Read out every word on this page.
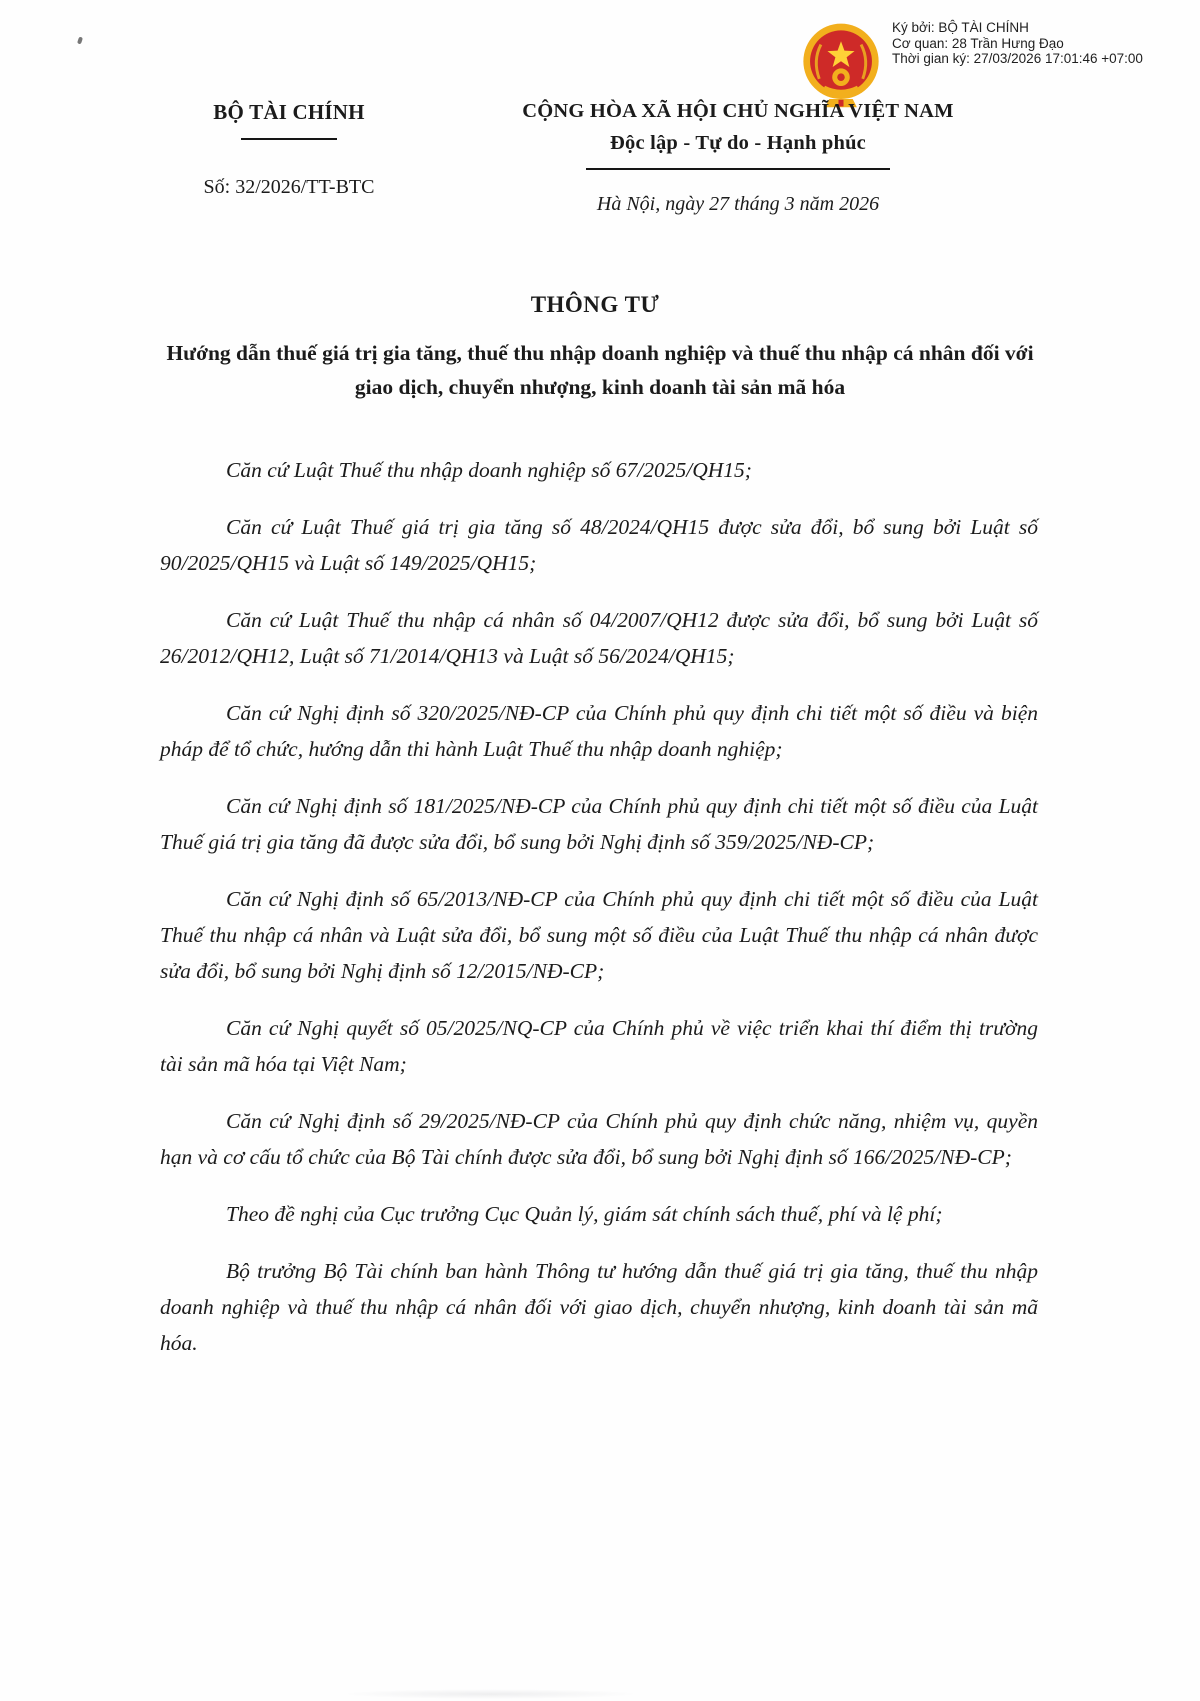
Ký bởi: BỘ TÀI CHÍNH
Cơ quan: 28 Trần Hưng Đạo
Thời gian ký: 27/03/2026 17:01:46 +07:00
BỘ TÀI CHÍNH
Số: 32/2026/TT-BTC
CỘNG HÒA XÃ HỘI CHỦ NGHĨA VIỆT NAM
Độc lập - Tự do - Hạnh phúc
Hà Nội, ngày 27 tháng 3 năm 2026
THÔNG TƯ
Hướng dẫn thuế giá trị gia tăng, thuế thu nhập doanh nghiệp và thuế thu nhập cá nhân đối với giao dịch, chuyển nhượng, kinh doanh tài sản mã hóa

Căn cứ Luật Thuế thu nhập doanh nghiệp số 67/2025/QH15;

Căn cứ Luật Thuế giá trị gia tăng số 48/2024/QH15 được sửa đổi, bổ sung bởi Luật số 90/2025/QH15 và Luật số 149/2025/QH15;

Căn cứ Luật Thuế thu nhập cá nhân số 04/2007/QH12 được sửa đổi, bổ sung bởi Luật số 26/2012/QH12, Luật số 71/2014/QH13 và Luật số 56/2024/QH15;

Căn cứ Nghị định số 320/2025/NĐ-CP của Chính phủ quy định chi tiết một số điều và biện pháp để tổ chức, hướng dẫn thi hành Luật Thuế thu nhập doanh nghiệp;

Căn cứ Nghị định số 181/2025/NĐ-CP của Chính phủ quy định chi tiết một số điều của Luật Thuế giá trị gia tăng đã được sửa đổi, bổ sung bởi Nghị định số 359/2025/NĐ-CP;

Căn cứ Nghị định số 65/2013/NĐ-CP của Chính phủ quy định chi tiết một số điều của Luật Thuế thu nhập cá nhân và Luật sửa đổi, bổ sung một số điều của Luật Thuế thu nhập cá nhân được sửa đổi, bổ sung bởi Nghị định số 12/2015/NĐ-CP;

Căn cứ Nghị quyết số 05/2025/NQ-CP của Chính phủ về việc triển khai thí điểm thị trường tài sản mã hóa tại Việt Nam;

Căn cứ Nghị định số 29/2025/NĐ-CP của Chính phủ quy định chức năng, nhiệm vụ, quyền hạn và cơ cấu tổ chức của Bộ Tài chính được sửa đổi, bổ sung bởi Nghị định số 166/2025/NĐ-CP;

Theo đề nghị của Cục trưởng Cục Quản lý, giám sát chính sách thuế, phí và lệ phí;

Bộ trưởng Bộ Tài chính ban hành Thông tư hướng dẫn thuế giá trị gia tăng, thuế thu nhập doanh nghiệp và thuế thu nhập cá nhân đối với giao dịch, chuyển nhượng, kinh doanh tài sản mã hóa.
